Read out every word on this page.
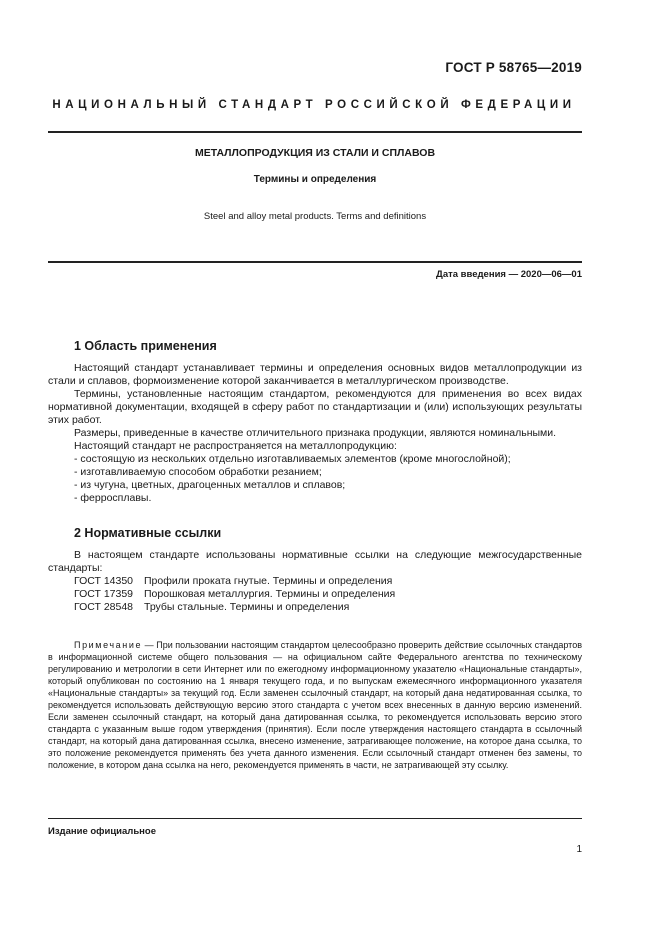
ГОСТ Р 58765—2019
НАЦИОНАЛЬНЫЙ СТАНДАРТ РОССИЙСКОЙ ФЕДЕРАЦИИ
МЕТАЛЛОПРОДУКЦИЯ ИЗ СТАЛИ И СПЛАВОВ
Термины и определения
Steel and alloy metal products. Terms and definitions
Дата введения — 2020—06—01
1 Область применения

Настоящий стандарт устанавливает термины и определения основных видов металлопродукции из стали и сплавов, формоизменение которой заканчивается в металлургическом производстве.

Термины, установленные настоящим стандартом, рекомендуются для применения во всех видах нормативной документации, входящей в сферу работ по стандартизации и (или) использующих результаты этих работ.

Размеры, приведенные в качестве отличительного признака продукции, являются номинальными.

Настоящий стандарт не распространяется на металлопродукцию:

- состоящую из нескольких отдельно изготавливаемых элементов (кроме многослойной);
- изготавливаемую способом обработки резанием;
- из чугуна, цветных, драгоценных металлов и сплавов;
- ферросплавы.
2 Нормативные ссылки

В настоящем стандарте использованы нормативные ссылки на следующие межгосударственные стандарты:

ГОСТ 14350 Профили проката гнутые. Термины и определения
ГОСТ 17359 Порошковая металлургия. Термины и определения
ГОСТ 28548 Трубы стальные. Термины и определения

Примечание — При пользовании настоящим стандартом целесообразно проверить действие ссылочных стандартов в информационной системе общего пользования — на официальном сайте Федерального агентства по техническому регулированию и метрологии в сети Интернет или по ежегодному информационному указателю «Национальные стандарты», который опубликован по состоянию на 1 января текущего года, и по выпускам ежемесячного информационного указателя «Национальные стандарты» за текущий год. Если заменен ссылочный стандарт, на который дана недатированная ссылка, то рекомендуется использовать действующую версию этого стандарта с учетом всех внесенных в данную версию изменений. Если заменен ссылочный стандарт, на который дана датированная ссылка, то рекомендуется использовать версию этого стандарта с указанным выше годом утверждения (принятия). Если после утверждения настоящего стандарта в ссылочный стандарт, на который дана датированная ссылка, внесено изменение, затрагивающее положение, на которое дана ссылка, то это положение рекомендуется применять без учета данного изменения. Если ссылочный стандарт отменен без замены, то положение, в котором дана ссылка на него, рекомендуется применять в части, не затрагивающей эту ссылку.

Издание официальное
1
